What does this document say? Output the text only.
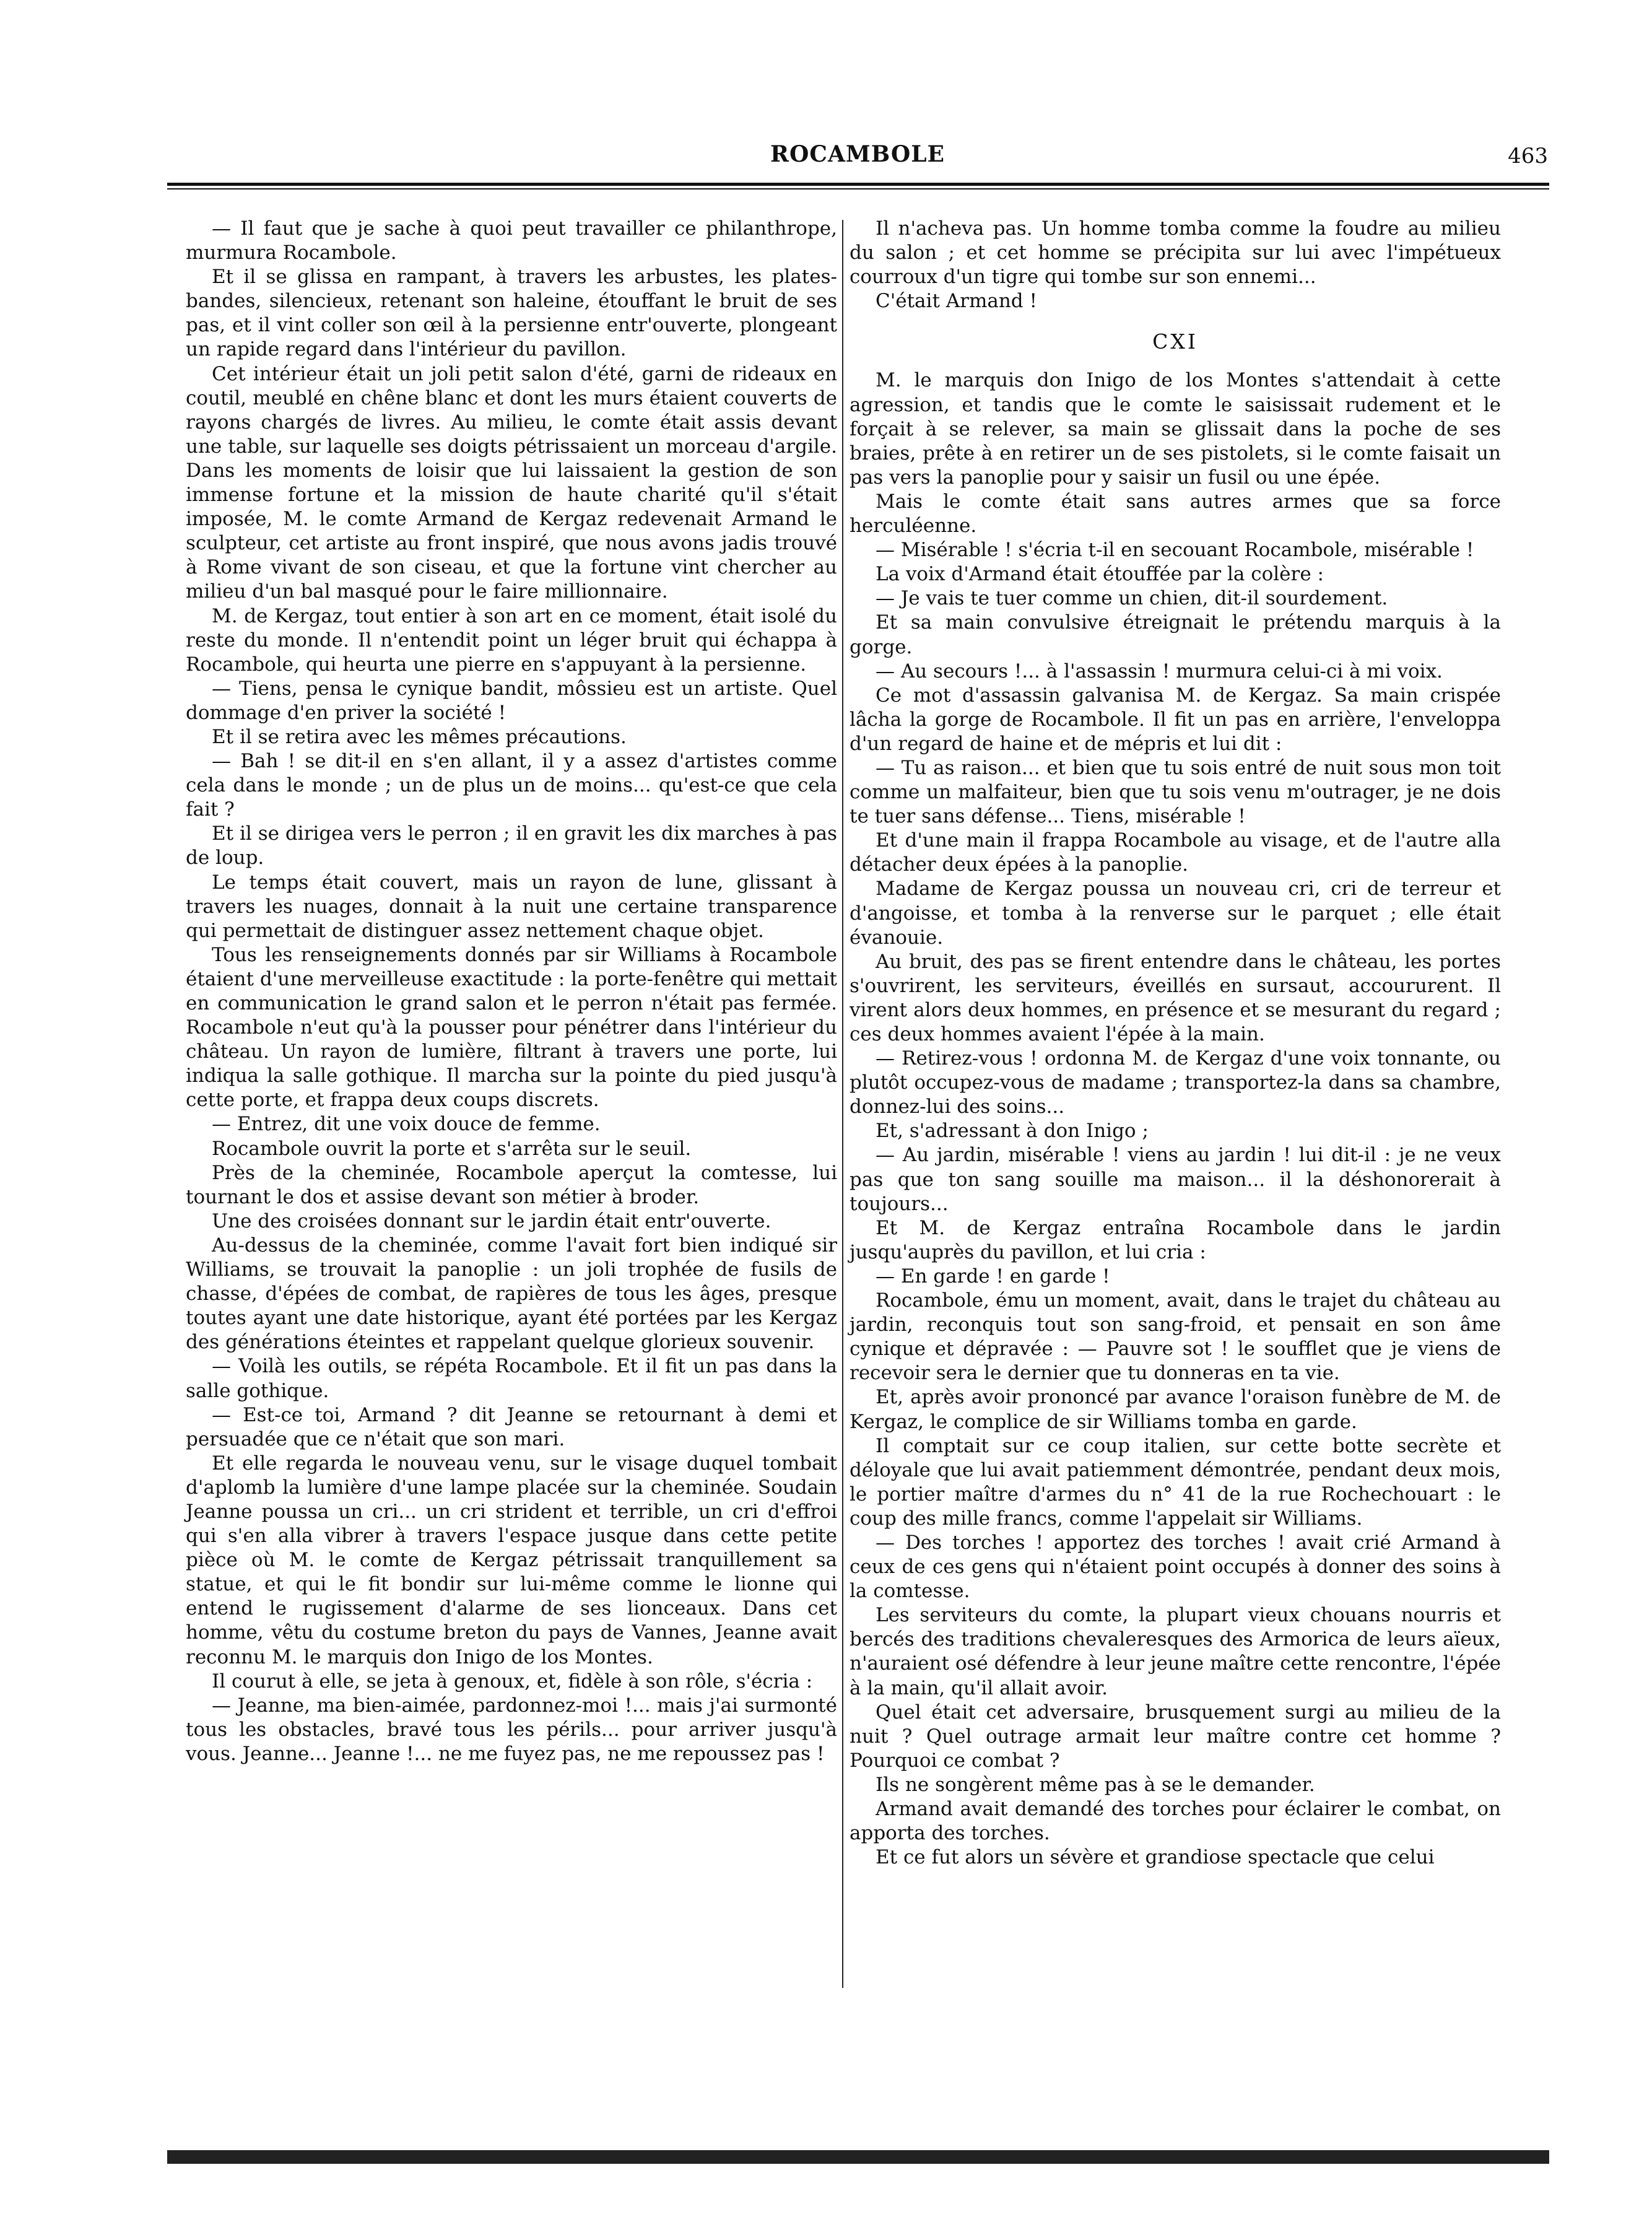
ROCAMBOLE	463

— Il faut que je sache à quoi peut travailler ce philanthrope, murmura Rocambole.

Et il se glissa en rampant, à travers les arbustes, les plates-bandes, silencieux, retenant son haleine, étouffant le bruit de ses pas, et il vint coller son œil à la persienne entr'ouverte, plongeant un rapide regard dans l'intérieur du pavillon.

Cet intérieur était un joli petit salon d'été, garni de rideaux en coutil, meublé en chêne blanc et dont les murs étaient couverts de rayons chargés de livres. Au milieu, le comte était assis devant une table, sur laquelle ses doigts pétrissaient un morceau d'argile. Dans les moments de loisir que lui laissaient la gestion de son immense fortune et la mission de haute charité qu'il s'était imposée, M. le comte Armand de Kergaz redevenait Armand le sculpteur, cet artiste au front inspiré, que nous avons jadis trouvé à Rome vivant de son ciseau, et que la fortune vint chercher au milieu d'un bal masqué pour le faire millionnaire.

M. de Kergaz, tout entier à son art en ce moment, était isolé du reste du monde. Il n'entendit point un léger bruit qui échappa à Rocambole, qui heurta une pierre en s'appuyant à la persienne.

— Tiens, pensa le cynique bandit, môssieu est un artiste. Quel dommage d'en priver la société !

Et il se retira avec les mêmes précautions.

— Bah ! se dit-il en s'en allant, il y a assez d'artistes comme cela dans le monde ; un de plus un de moins... qu'est-ce que cela fait ?

Et il se dirigea vers le perron ; il en gravit les dix marches à pas de loup.

Le temps était couvert, mais un rayon de lune, glissant à travers les nuages, donnait à la nuit une certaine transparence qui permettait de distinguer assez nettement chaque objet.

Tous les renseignements donnés par sir Williams à Rocambole étaient d'une merveilleuse exactitude : la porte-fenêtre qui mettait en communication le grand salon et le perron n'était pas fermée. Rocambole n'eut qu'à la pousser pour pénétrer dans l'intérieur du château. Un rayon de lumière, filtrant à travers une porte, lui indiqua la salle gothique. Il marcha sur la pointe du pied jusqu'à cette porte, et frappa deux coups discrets.

— Entrez, dit une voix douce de femme.

Rocambole ouvrit la porte et s'arrêta sur le seuil.

Près de la cheminée, Rocambole aperçut la comtesse, lui tournant le dos et assise devant son métier à broder.

Une des croisées donnant sur le jardin était entr'ouverte.

Au-dessus de la cheminée, comme l'avait fort bien indiqué sir Williams, se trouvait la panoplie : un joli trophée de fusils de chasse, d'épées de combat, de rapières de tous les âges, presque toutes ayant une date historique, ayant été portées par les Kergaz des générations éteintes et rappelant quelque glorieux souvenir.

— Voilà les outils, se répéta Rocambole. Et il fit un pas dans la salle gothique.

— Est-ce toi, Armand ? dit Jeanne se retournant à demi et persuadée que ce n'était que son mari.

Et elle regarda le nouveau venu, sur le visage duquel tombait d'aplomb la lumière d'une lampe placée sur la cheminée. Soudain Jeanne poussa un cri... un cri strident et terrible, un cri d'effroi qui s'en alla vibrer à travers l'espace jusque dans cette petite pièce où M. le comte de Kergaz pétrissait tranquillement sa statue, et qui le fit bondir sur lui-même comme le lionne qui entend le rugissement d'alarme de ses lionceaux. Dans cet homme, vêtu du costume breton du pays de Vannes, Jeanne avait reconnu M. le marquis don Inigo de los Montes.

Il courut à elle, se jeta à genoux, et, fidèle à son rôle, s'écria :

— Jeanne, ma bien-aimée, pardonnez-moi !... mais j'ai surmonté tous les obstacles, bravé tous les périls... pour arriver jusqu'à vous. Jeanne... Jeanne !... ne me fuyez pas, ne me repoussez pas !

Il n'acheva pas. Un homme tomba comme la foudre au milieu du salon ; et cet homme se précipita sur lui avec l'impétueux courroux d'un tigre qui tombe sur son ennemi...

C'était Armand !

CXI

M. le marquis don Inigo de los Montes s'attendait à cette agression, et tandis que le comte le saisissait rudement et le forçait à se relever, sa main se glissait dans la poche de ses braies, prête à en retirer un de ses pistolets, si le comte faisait un pas vers la panoplie pour y saisir un fusil ou une épée.

Mais le comte était sans autres armes que sa force herculéenne.

— Misérable ! s'écria t-il en secouant Rocambole, misérable !

La voix d'Armand était étouffée par la colère :

— Je vais te tuer comme un chien, dit-il sourdement.

Et sa main convulsive étreignait le prétendu marquis à la gorge.

— Au secours !... à l'assassin ! murmura celui-ci à mi voix.

Ce mot d'assassin galvanisa M. de Kergaz. Sa main crispée lâcha la gorge de Rocambole. Il fit un pas en arrière, l'enveloppa d'un regard de haine et de mépris et lui dit :

— Tu as raison... et bien que tu sois entré de nuit sous mon toit comme un malfaiteur, bien que tu sois venu m'outrager, je ne dois te tuer sans défense... Tiens, misérable !

Et d'une main il frappa Rocambole au visage, et de l'autre alla détacher deux épées à la panoplie.

Madame de Kergaz poussa un nouveau cri, cri de terreur et d'angoisse, et tomba à la renverse sur le parquet ; elle était évanouie.

Au bruit, des pas se firent entendre dans le château, les portes s'ouvrirent, les serviteurs, éveillés en sursaut, accoururent. Il virent alors deux hommes, en présence et se mesurant du regard ; ces deux hommes avaient l'épée à la main.

— Retirez-vous ! ordonna M. de Kergaz d'une voix tonnante, ou plutôt occupez-vous de madame ; transportez-la dans sa chambre, donnez-lui des soins...

Et, s'adressant à don Inigo ;

— Au jardin, misérable ! viens au jardin ! lui dit-il : je ne veux pas que ton sang souille ma maison... il la déshonorerait à toujours...

Et M. de Kergaz entraîna Rocambole dans le jardin jusqu'auprès du pavillon, et lui cria :

— En garde ! en garde !

Rocambole, ému un moment, avait, dans le trajet du château au jardin, reconquis tout son sang-froid, et pensait en son âme cynique et dépravée : — Pauvre sot ! le soufflet que je viens de recevoir sera le dernier que tu donneras en ta vie.

Et, après avoir prononcé par avance l'oraison funèbre de M. de Kergaz, le complice de sir Williams tomba en garde.

Il comptait sur ce coup italien, sur cette botte secrète et déloyale que lui avait patiemment démontrée, pendant deux mois, le portier maître d'armes du n° 41 de la rue Rochechouart : le coup des mille francs, comme l'appelait sir Williams.

— Des torches ! apportez des torches ! avait crié Armand à ceux de ces gens qui n'étaient point occupés à donner des soins à la comtesse.

Les serviteurs du comte, la plupart vieux chouans nourris et bercés des traditions chevaleresques des Armorica de leurs aïeux, n'auraient osé défendre à leur jeune maître cette rencontre, l'épée à la main, qu'il allait avoir.

Quel était cet adversaire, brusquement surgi au milieu de la nuit ? Quel outrage armait leur maître contre cet homme ? Pourquoi ce combat ?

Ils ne songèrent même pas à se le demander.

Armand avait demandé des torches pour éclairer le combat, on apporta des torches.

Et ce fut alors un sévère et grandiose spectacle que celui
